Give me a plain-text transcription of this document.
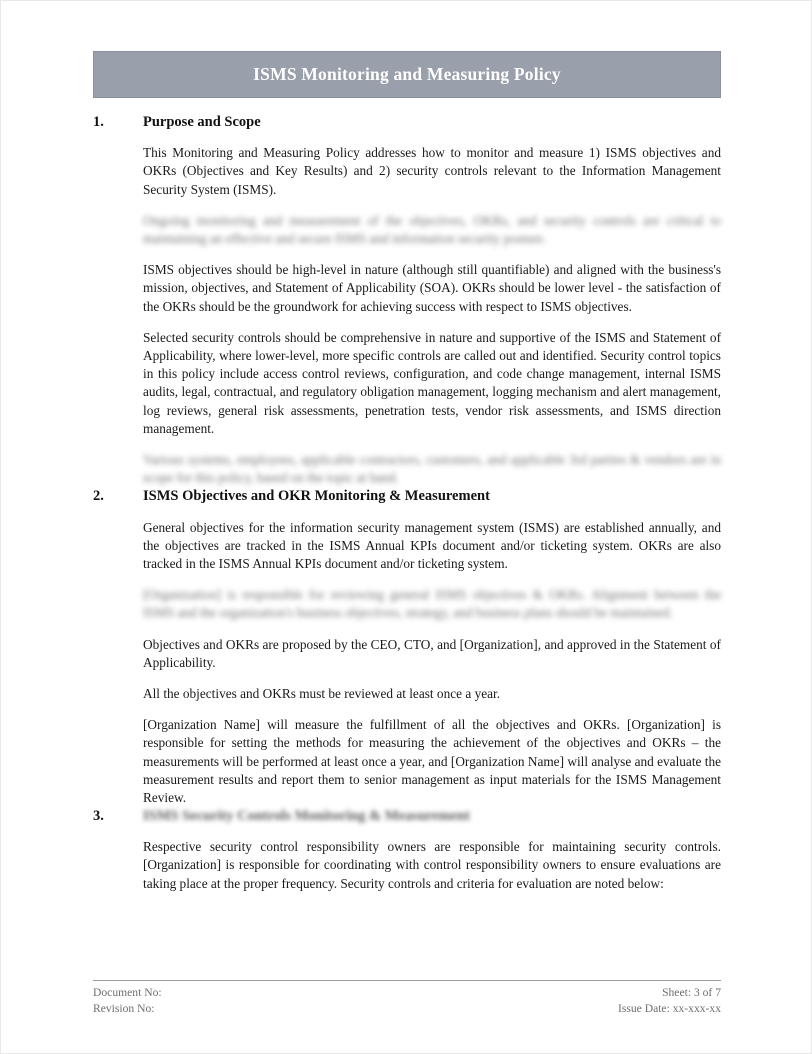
ISMS Monitoring and Measuring Policy
1.	Purpose and Scope

This Monitoring and Measuring Policy addresses how to monitor and measure 1) ISMS objectives and OKRs (Objectives and Key Results) and 2) security controls relevant to the Information Management Security System (ISMS).

Ongoing monitoring and measurement of the objectives, OKRs, and security controls are critical to maintaining an effective and secure ISMS and information security posture.

ISMS objectives should be high-level in nature (although still quantifiable) and aligned with the business's mission, objectives, and Statement of Applicability (SOA). OKRs should be lower level - the satisfaction of the OKRs should be the groundwork for achieving success with respect to ISMS objectives.

Selected security controls should be comprehensive in nature and supportive of the ISMS and Statement of Applicability, where lower-level, more specific controls are called out and identified. Security control topics in this policy include access control reviews, configuration, and code change management, internal ISMS audits, legal, contractual, and regulatory obligation management, logging mechanism and alert management, log reviews, general risk assessments, penetration tests, vendor risk assessments, and ISMS direction management.

Various systems, employees, applicable contractors, customers, and applicable 3rd parties & vendors are in scope for this policy, based on the topic at hand.

2.	ISMS Objectives and OKR Monitoring & Measurement

General objectives for the information security management system (ISMS) are established annually, and the objectives are tracked in the ISMS Annual KPIs document and/or ticketing system. OKRs are also tracked in the ISMS Annual KPIs document and/or ticketing system.

[Organization] is responsible for reviewing general ISMS objectives & OKRs. Alignment between the ISMS and the organization's business objectives, strategy, and business plans should be maintained.

Objectives and OKRs are proposed by the CEO, CTO, and [Organization], and approved in the Statement of Applicability.

All the objectives and OKRs must be reviewed at least once a year.

[Organization Name] will measure the fulfillment of all the objectives and OKRs. [Organization] is responsible for setting the methods for measuring the achievement of the objectives and OKRs – the measurements will be performed at least once a year, and [Organization Name] will analyse and evaluate the measurement results and report them to senior management as input materials for the ISMS Management Review.

3.	ISMS Security Controls Monitoring & Measurement

Respective security control responsibility owners are responsible for maintaining security controls. [Organization] is responsible for coordinating with control responsibility owners to ensure evaluations are taking place at the proper frequency. Security controls and criteria for evaluation are noted below:

Document No:
Revision No:
Sheet: 3 of 7
Issue Date: xx-xxx-xx
